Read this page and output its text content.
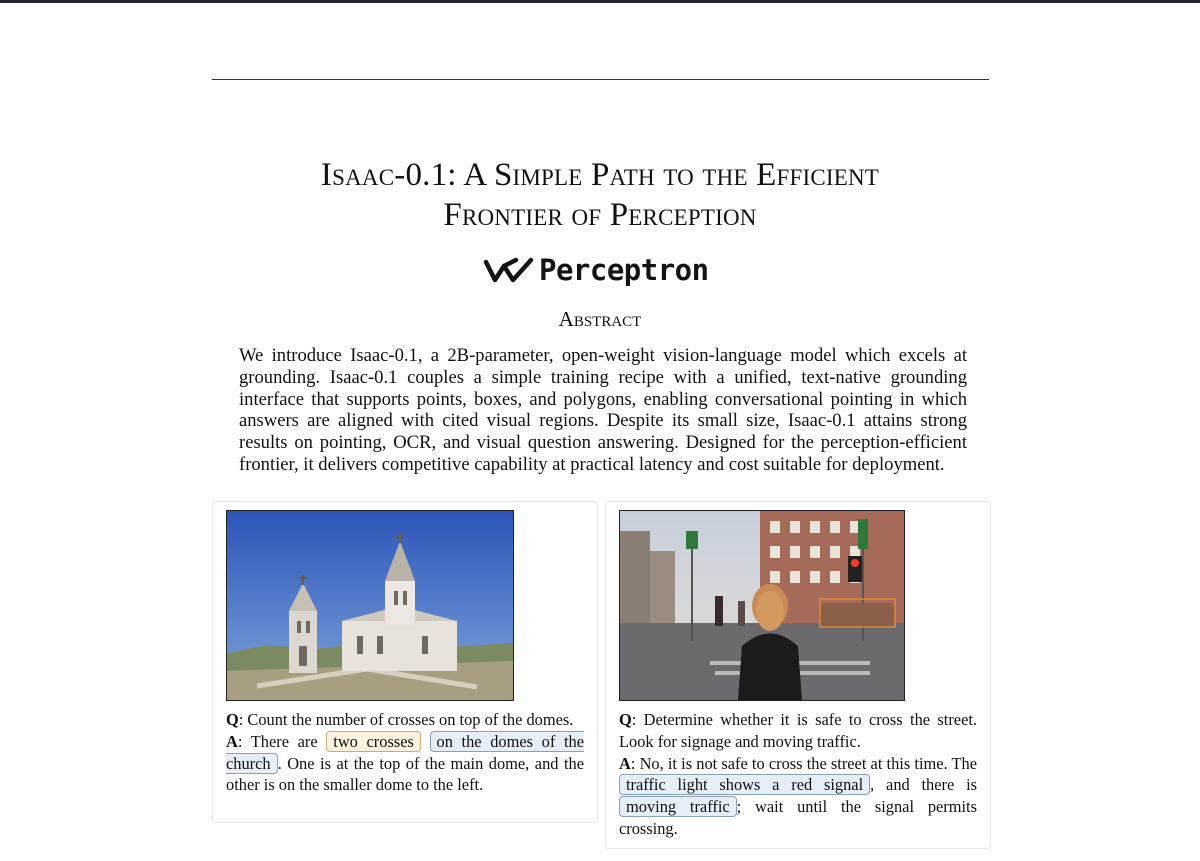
Isaac-0.1: A Simple Path to the Efficient
Frontier of Perception
Perceptron
Abstract

We introduce Isaac-0.1, a 2B-parameter, open-weight vision-language model which excels at grounding. Isaac-0.1 couples a simple training recipe with a unified, text-native grounding interface that supports points, boxes, and polygons, enabling conversational pointing in which answers are aligned with cited visual regions. Despite its small size, Isaac-0.1 attains strong results on pointing, OCR, and visual question answering. Designed for the perception-efficient frontier, it delivers competitive capability at practical latency and cost suitable for deployment.

Q: Count the number of crosses on top of the domes.
A: There are two crosses on the domes of the church . One is at the top of the main dome, and the other is on the smaller dome to the left.

Q: Determine whether it is safe to cross the street. Look for signage and moving traffic.
A: No, it is not safe to cross the street at this time. The traffic light shows a red signal , and there is moving traffic ; wait until the signal permits crossing.
